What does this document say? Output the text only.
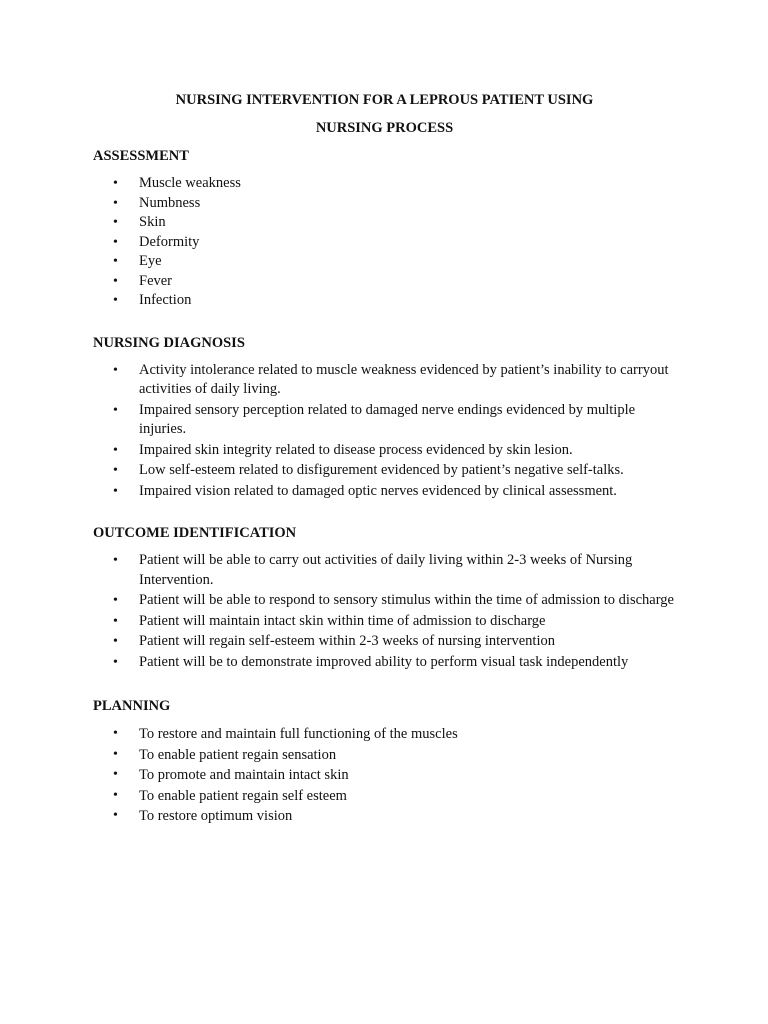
NURSING INTERVENTION FOR A LEPROUS PATIENT USING

NURSING PROCESS

ASSESSMENT

• Muscle weakness
• Numbness
• Skin
• Deformity
• Eye
• Fever
• Infection

NURSING DIAGNOSIS

• Activity intolerance related to muscle weakness evidenced by patient’s inability to carryout activities of daily living.
• Impaired sensory perception related to damaged nerve endings evidenced by multiple injuries.
• Impaired skin integrity related to disease process evidenced by skin lesion.
• Low self-esteem related to disfigurement evidenced by patient’s negative self-talks.
• Impaired vision related to damaged optic nerves evidenced by clinical assessment.

OUTCOME IDENTIFICATION

• Patient will be able to carry out activities of daily living within 2-3 weeks of Nursing Intervention.
• Patient will be able to respond to sensory stimulus within the time of admission to discharge
• Patient will maintain intact skin within time of admission to discharge
• Patient will regain self-esteem within 2-3 weeks of nursing intervention
• Patient will be to demonstrate improved ability to perform visual task independently

PLANNING

• To restore and maintain full functioning of the muscles
• To enable patient regain sensation
• To promote and maintain intact skin
• To enable patient regain self esteem
• To restore optimum vision
